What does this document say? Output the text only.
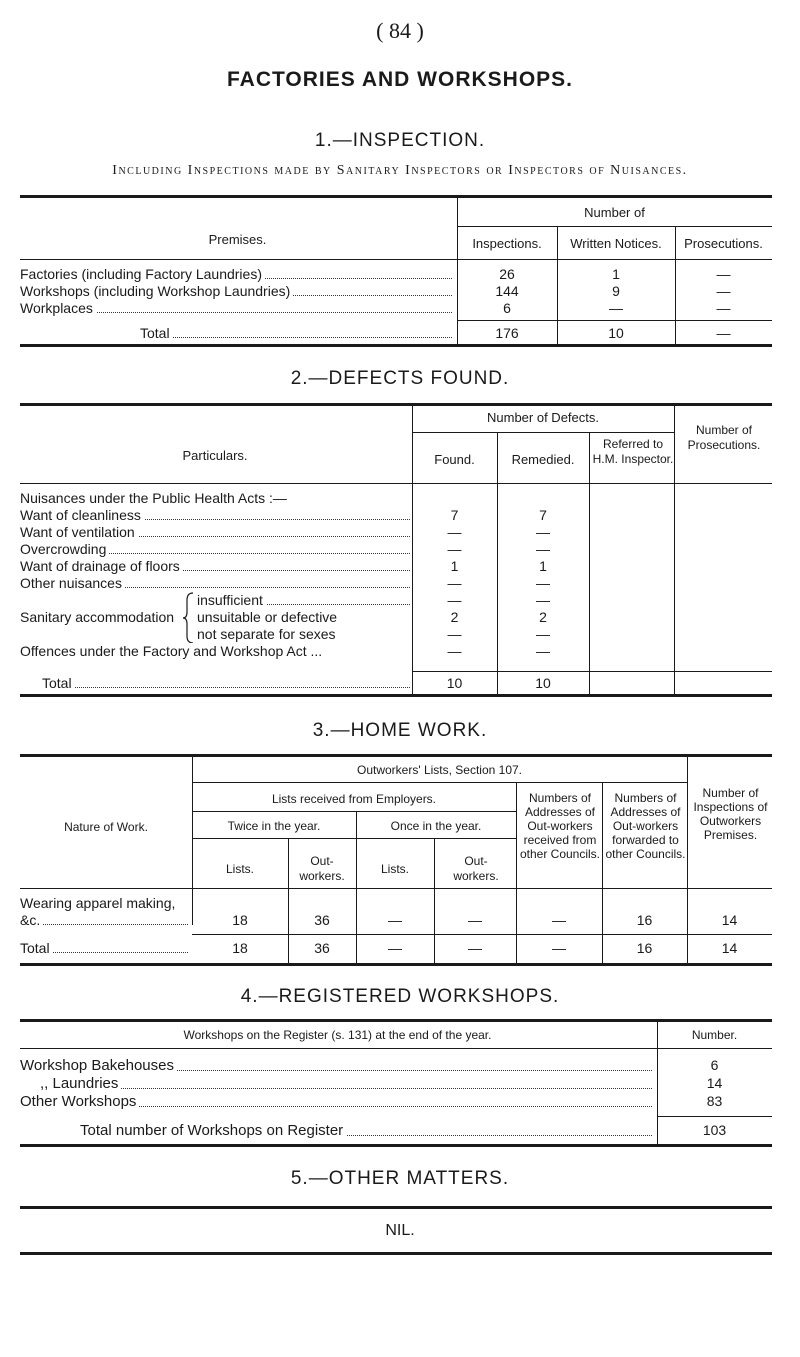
( 84 )
FACTORIES AND WORKSHOPS.
1.—INSPECTION.
Including Inspections made by Sanitary Inspectors or Inspectors of Nuisances.
Premises.
Number of
Inspections.	Written Notices.	Prosecutions.
Factories (including Factory Laundries)	26	1	—
Workshops (including Workshop Laundries)	144	9	—
Workplaces	6	—	—
Total	176	10	—
2.—DEFECTS FOUND.
Particulars.
Number of Defects.
Found.	Remedied.
Referred to H.M. Inspector.
Number of Prosecutions.
Nuisances under the Public Health Acts :—
Want of cleanliness	7	7
Want of ventilation	—	—
Overcrowding	—	—
Want of drainage of floors	1	1
Other nuisances	—	—
Sanitary accommodation
insufficient	—	—
unsuitable or defective	2	2
not separate for sexes	—	—
Offences under the Factory and Workshop Act ...	—	—
Total	10	10
3.—HOME WORK.
Nature of Work.
Outworkers' Lists, Section 107.
Lists received from Employers.
Twice in the year.	Once in the year.
Lists.
Out-workers.	Lists.
Out-workers.
Numbers of Addresses of Out-workers received from other Councils.
Numbers of Addresses of Out-workers forwarded to other Councils.
Number of Inspections of Outworkers Premises.
Wearing apparel making,
&c.	18	36	—	—	—	16	14
Total	18	36	—	—	—	16	14
4.—REGISTERED WORKSHOPS.
Workshops on the Register (s. 131) at the end of the year.	Number.
Workshop Bakehouses	6
,, Laundries	14
Other Workshops	83
Total number of Workshops on Register	103
5.—OTHER MATTERS.
NIL.
